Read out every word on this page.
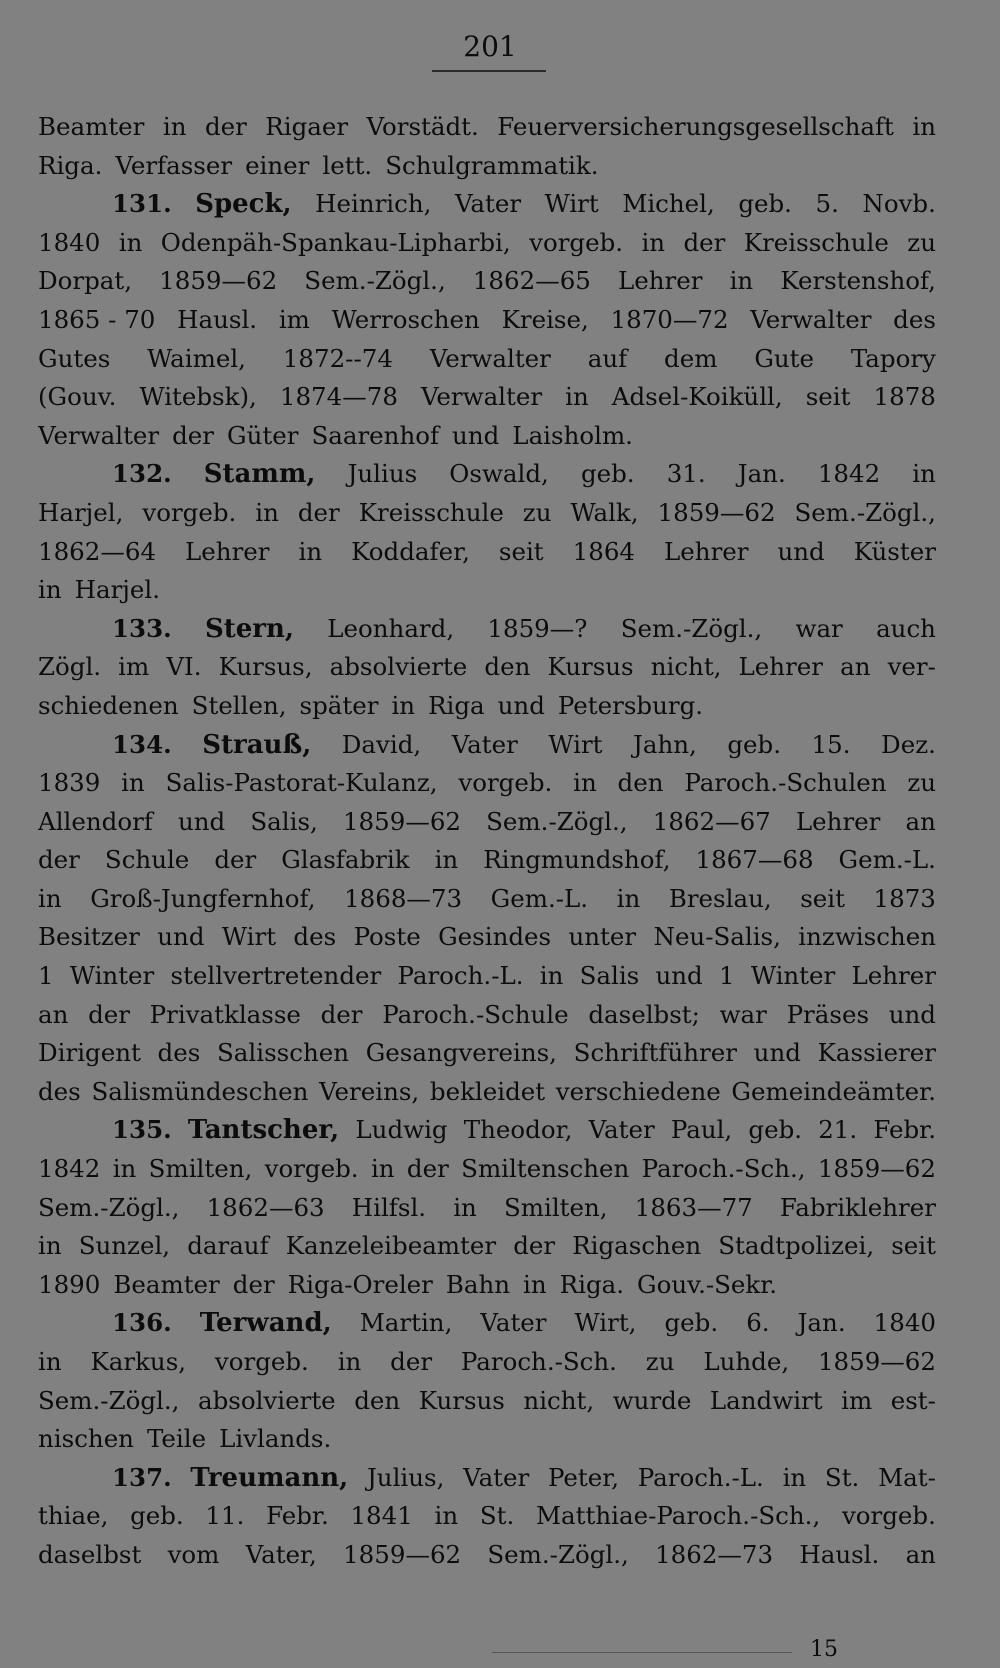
201
Beamter in der Rigaer Vorstädt. Feuerversicherungsgesellschaft in
Riga. Verfasser einer lett. Schulgrammatik.
131. Speck, Heinrich, Vater Wirt Michel, geb. 5. Novb.
1840 in Odenpäh-Spankau-Lipharbi, vorgeb. in der Kreisschule zu
Dorpat, 1859—62 Sem.-Zögl., 1862—65 Lehrer in Kerstenshof,
1865 - 70 Hausl. im Werroschen Kreise, 1870—72 Verwalter des
Gutes Waimel, 1872--74 Verwalter auf dem Gute Tapory
(Gouv. Witebsk), 1874—78 Verwalter in Adsel-Koiküll, seit 1878
Verwalter der Güter Saarenhof und Laisholm.
132. Stamm, Julius Oswald, geb. 31. Jan. 1842 in
Harjel, vorgeb. in der Kreisschule zu Walk, 1859—62 Sem.-Zögl.,
1862—64 Lehrer in Koddafer, seit 1864 Lehrer und Küster
in Harjel.
133. Stern, Leonhard, 1859—? Sem.-Zögl., war auch
Zögl. im VI. Kursus, absolvierte den Kursus nicht, Lehrer an ver-
schiedenen Stellen, später in Riga und Petersburg.
134. Strauß, David, Vater Wirt Jahn, geb. 15. Dez.
1839 in Salis-Pastorat-Kulanz, vorgeb. in den Paroch.-Schulen zu
Allendorf und Salis, 1859—62 Sem.-Zögl., 1862—67 Lehrer an
der Schule der Glasfabrik in Ringmundshof, 1867—68 Gem.-L.
in Groß-Jungfernhof, 1868—73 Gem.-L. in Breslau, seit 1873
Besitzer und Wirt des Poste Gesindes unter Neu-Salis, inzwischen
1 Winter stellvertretender Paroch.-L. in Salis und 1 Winter Lehrer
an der Privatklasse der Paroch.-Schule daselbst; war Präses und
Dirigent des Salisschen Gesangvereins, Schriftführer und Kassierer
des Salismündeschen Vereins, bekleidet verschiedene Gemeindeämter.
135. Tantscher, Ludwig Theodor, Vater Paul, geb. 21. Febr.
1842 in Smilten, vorgeb. in der Smiltenschen Paroch.-Sch., 1859—62
Sem.-Zögl., 1862—63 Hilfsl. in Smilten, 1863—77 Fabriklehrer
in Sunzel, darauf Kanzeleibeamter der Rigaschen Stadtpolizei, seit
1890 Beamter der Riga-Oreler Bahn in Riga. Gouv.-Sekr.
136. Terwand, Martin, Vater Wirt, geb. 6. Jan. 1840
in Karkus, vorgeb. in der Paroch.-Sch. zu Luhde, 1859—62
Sem.-Zögl., absolvierte den Kursus nicht, wurde Landwirt im est-
nischen Teile Livlands.
137. Treumann, Julius, Vater Peter, Paroch.-L. in St. Mat-
thiae, geb. 11. Febr. 1841 in St. Matthiae-Paroch.-Sch., vorgeb.
daselbst vom Vater, 1859—62 Sem.-Zögl., 1862—73 Hausl. an
15
